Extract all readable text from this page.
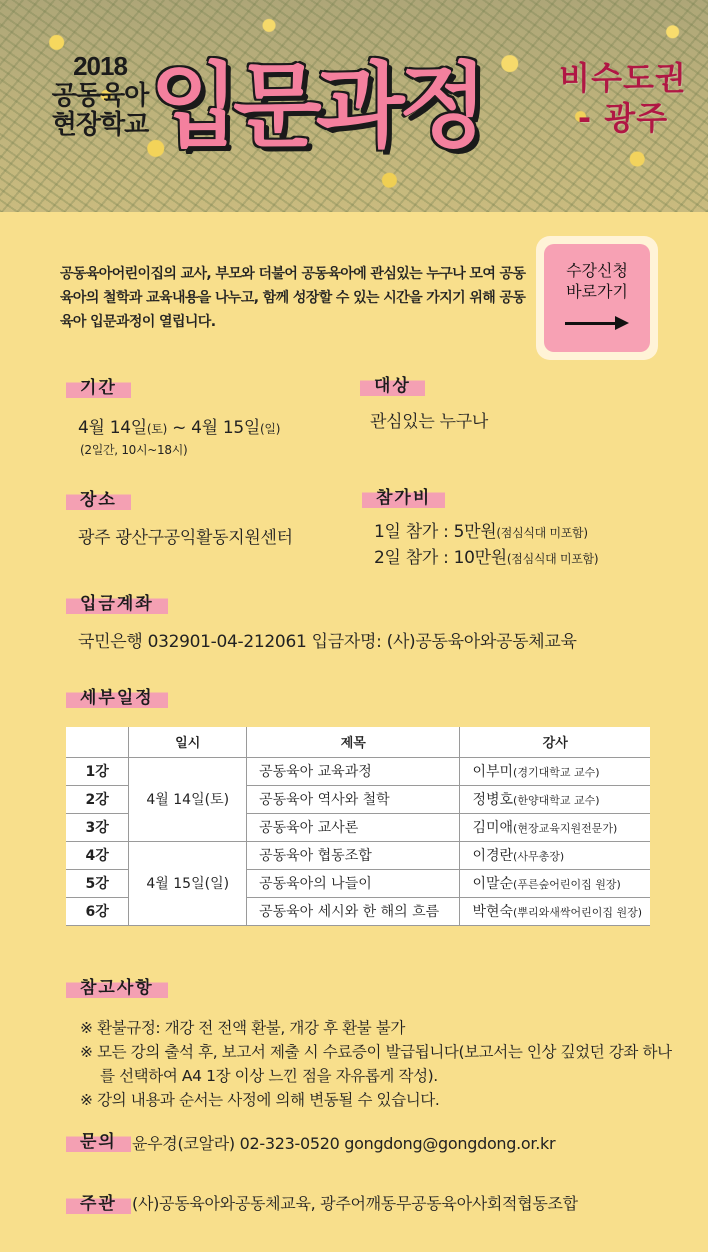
2018
공동육아
현장학교 입문과정	비수도권
- 광주
공동육아어린이집의 교사, 부모와 더불어 공동육아에 관심있는 누구나 모여 공동육아의 철학과 교육내용을 나누고, 함께 성장할 수 있는 시간을 가지기 위해 공동육아 입문과정이 열립니다.
수강신청
바로가기
기간
4월 14일(토) ~ 4월 15일(일)
(2일간, 10시~18시)
대상
관심있는 누구나
장소
광주 광산구공익활동지원센터
참가비
1일 참가 : 5만원(점심식대 미포함)
2일 참가 : 10만원(점심식대 미포함)
입금계좌
국민은행 032901-04-212061 입금자명: (사)공동육아와공동체교육
세부일정
	일시	제목	강사
1강	4월 14일(토)	공동육아 교육과정	이부미(경기대학교 교수)
2강		공동육아 역사와 철학	정병호(한양대학교 교수)
3강		공동육아 교사론	김미애(현장교육지원전문가)
4강	4월 15일(일)	공동육아 협동조합	이경란(사무총장)
5강		공동육아의 나들이	이말순(푸른숲어린이집 원장)
6강		공동육아 세시와 한 해의 흐름	박현숙(뿌리와새싹어린이집 원장)
참고사항
※ 환불규정: 개강 전 전액 환불, 개강 후 환불 불가
※ 모든 강의 출석 후, 보고서 제출 시 수료증이 발급됩니다(보고서는 인상 깊었던 강좌 하나를 선택하여 A4 1장 이상 느낀 점을 자유롭게 작성).
※ 강의 내용과 순서는 사정에 의해 변동될 수 있습니다.
문의 윤우경(코알라) 02-323-0520 gongdong@gongdong.or.kr
주관 (사)공동육아와공동체교육, 광주어깨동무공동육아사회적협동조합
